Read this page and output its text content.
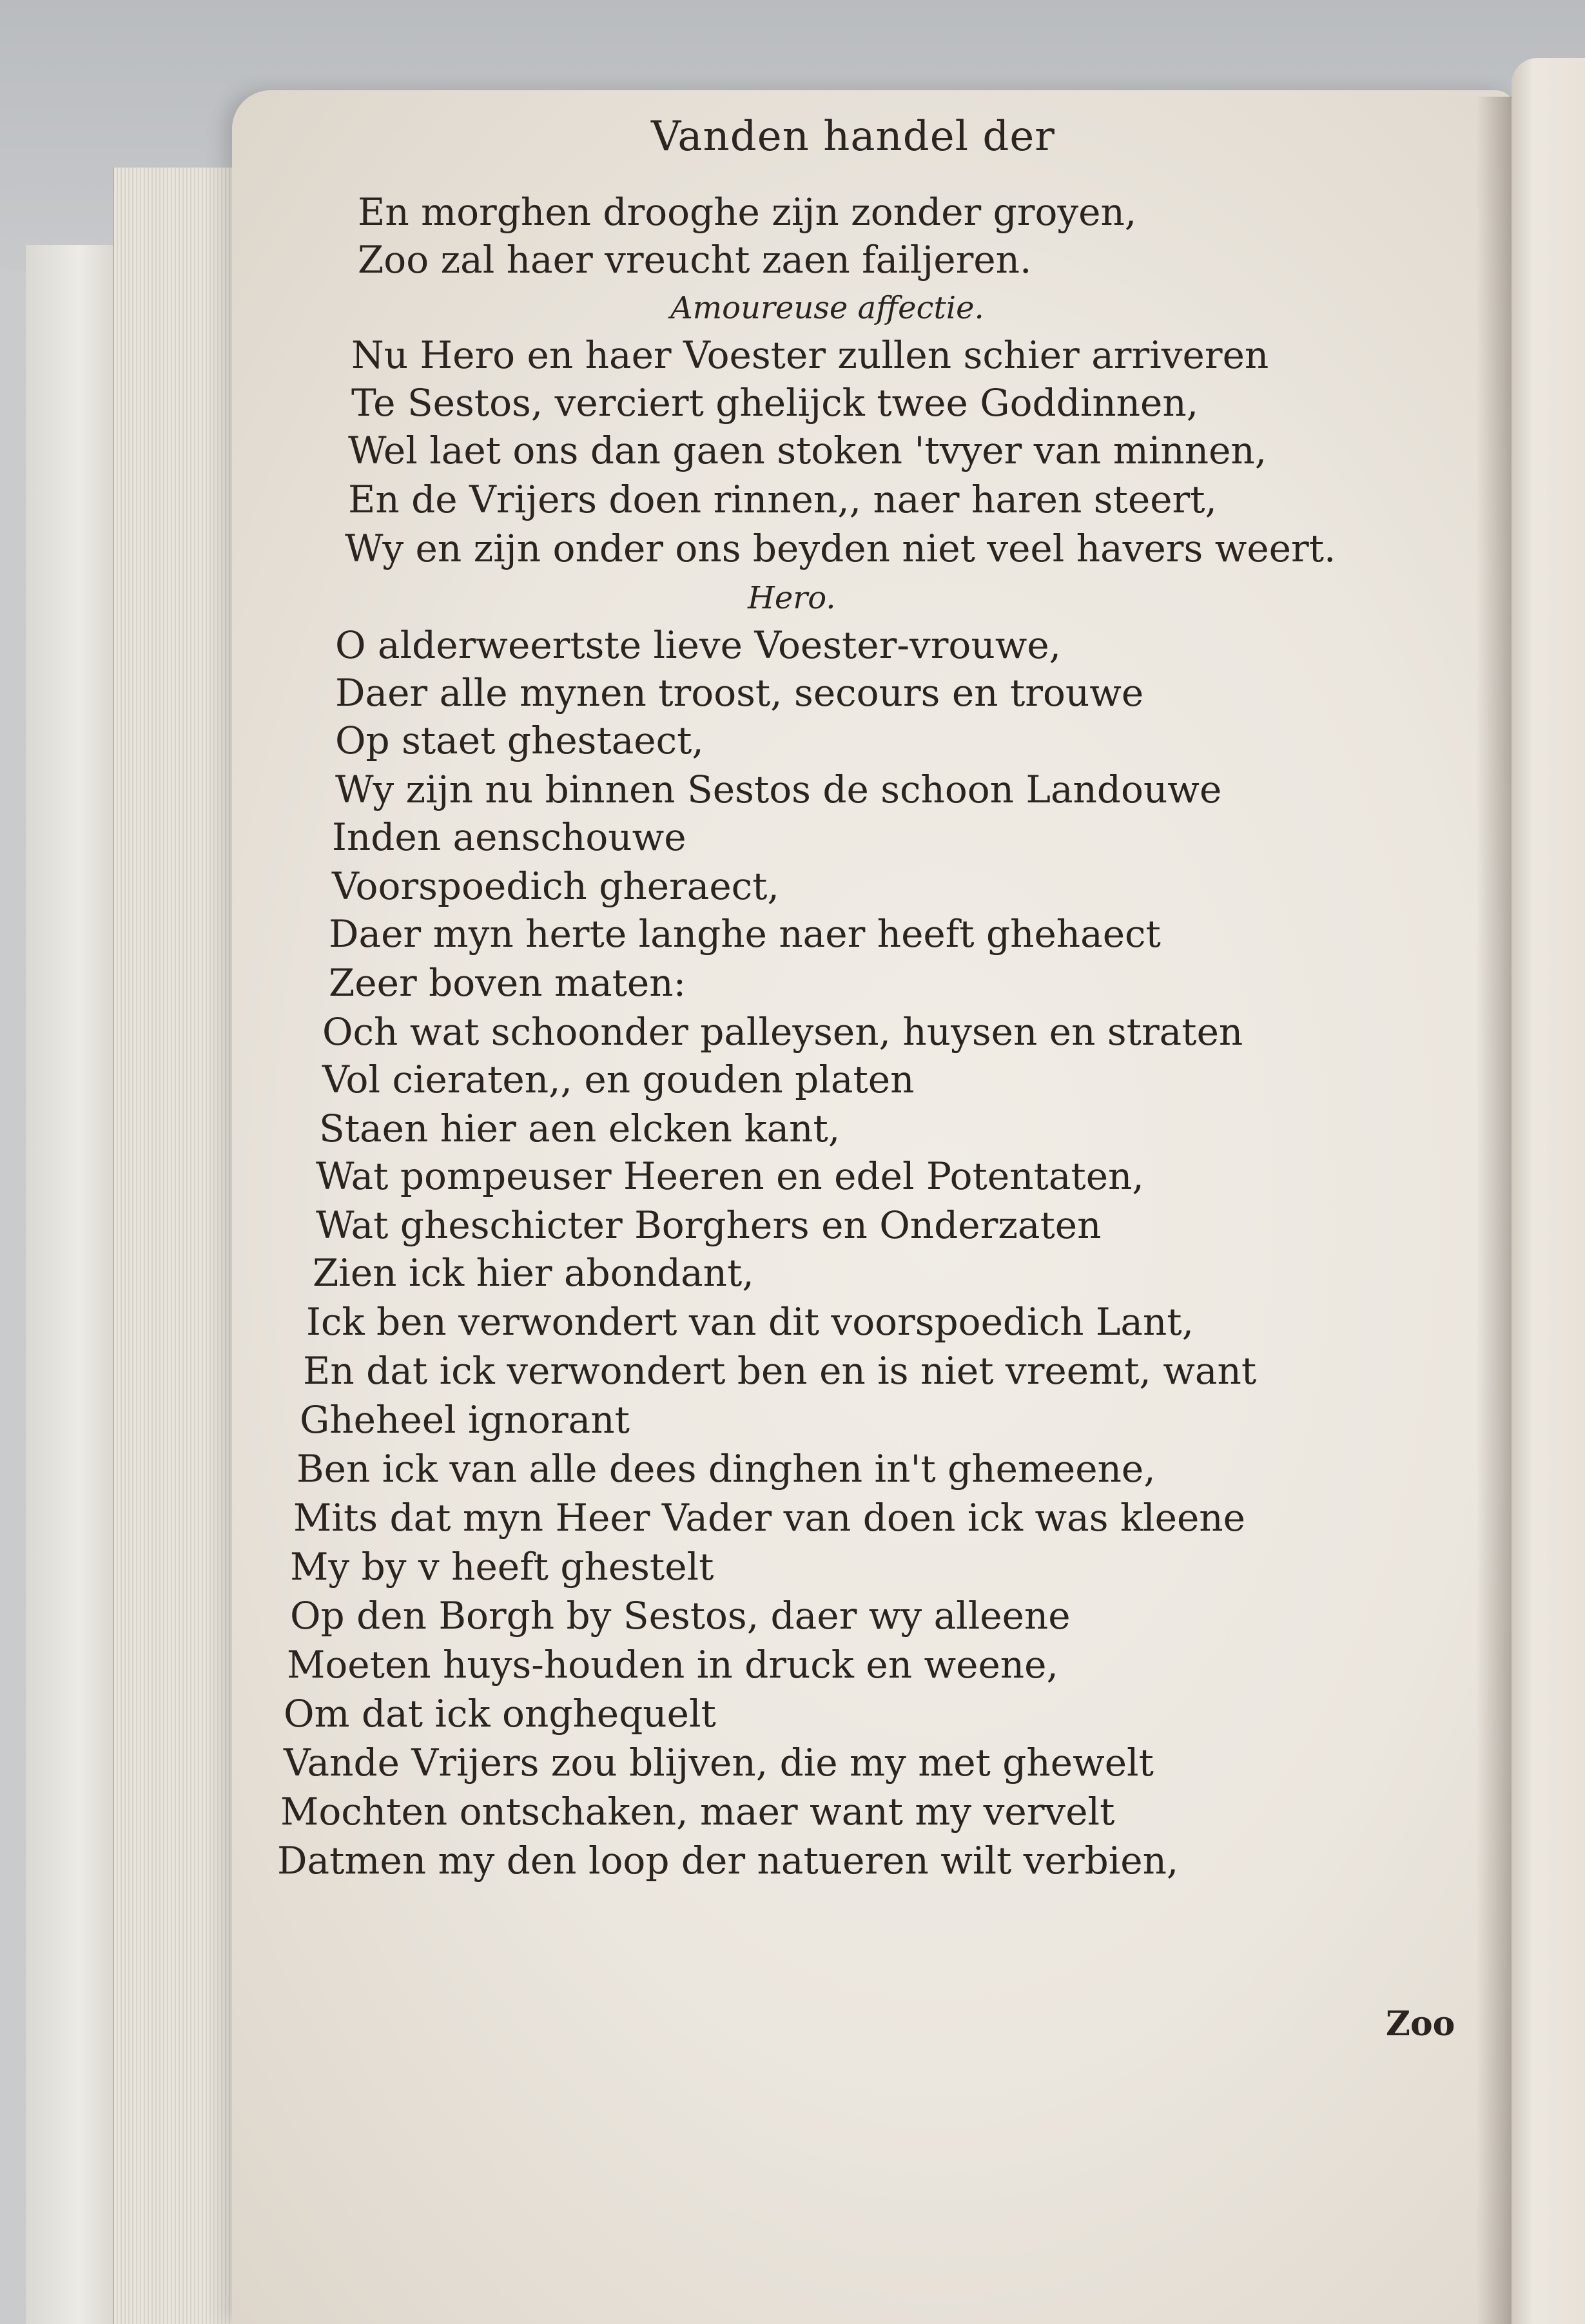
Vanden handel der
En morghen drooghe zijn zonder groyen,
Zoo zal haer vreucht zaen failjeren.
Amoureuse affectie.
Nu Hero en haer Voester zullen schier arriveren
Te Sestos, verciert ghelijck twee Goddinnen,
Wel laet ons dan gaen stoken 'tvyer van minnen,
En de Vrijers doen rinnen,, naer haren steert,
Wy en zijn onder ons beyden niet veel havers weert.
Hero.
O alderweertste lieve Voester-vrouwe,
Daer alle mynen troost, secours en trouwe
Op staet ghestaect,
Wy zijn nu binnen Sestos de schoon Landouwe
Inden aenschouwe
Voorspoedich gheraect,
Daer myn herte langhe naer heeft ghehaect
Zeer boven maten:
Och wat schoonder palleysen, huysen en straten
Vol cieraten,, en gouden platen
Staen hier aen elcken kant,
Wat pompeuser Heeren en edel Potentaten,
Wat gheschicter Borghers en Onderzaten
Zien ick hier abondant,
Ick ben verwondert van dit voorspoedich Lant,
En dat ick verwondert ben en is niet vreemt, want
Gheheel ignorant
Ben ick van alle dees dinghen in't ghemeene,
Mits dat myn Heer Vader van doen ick was kleene
My by v heeft ghestelt
Op den Borgh by Sestos, daer wy alleene
Moeten huys-houden in druck en weene,
Om dat ick onghequelt
Vande Vrijers zou blijven, die my met ghewelt
Mochten ontschaken, maer want my vervelt
Datmen my den loop der natueren wilt verbien,
Zoo
